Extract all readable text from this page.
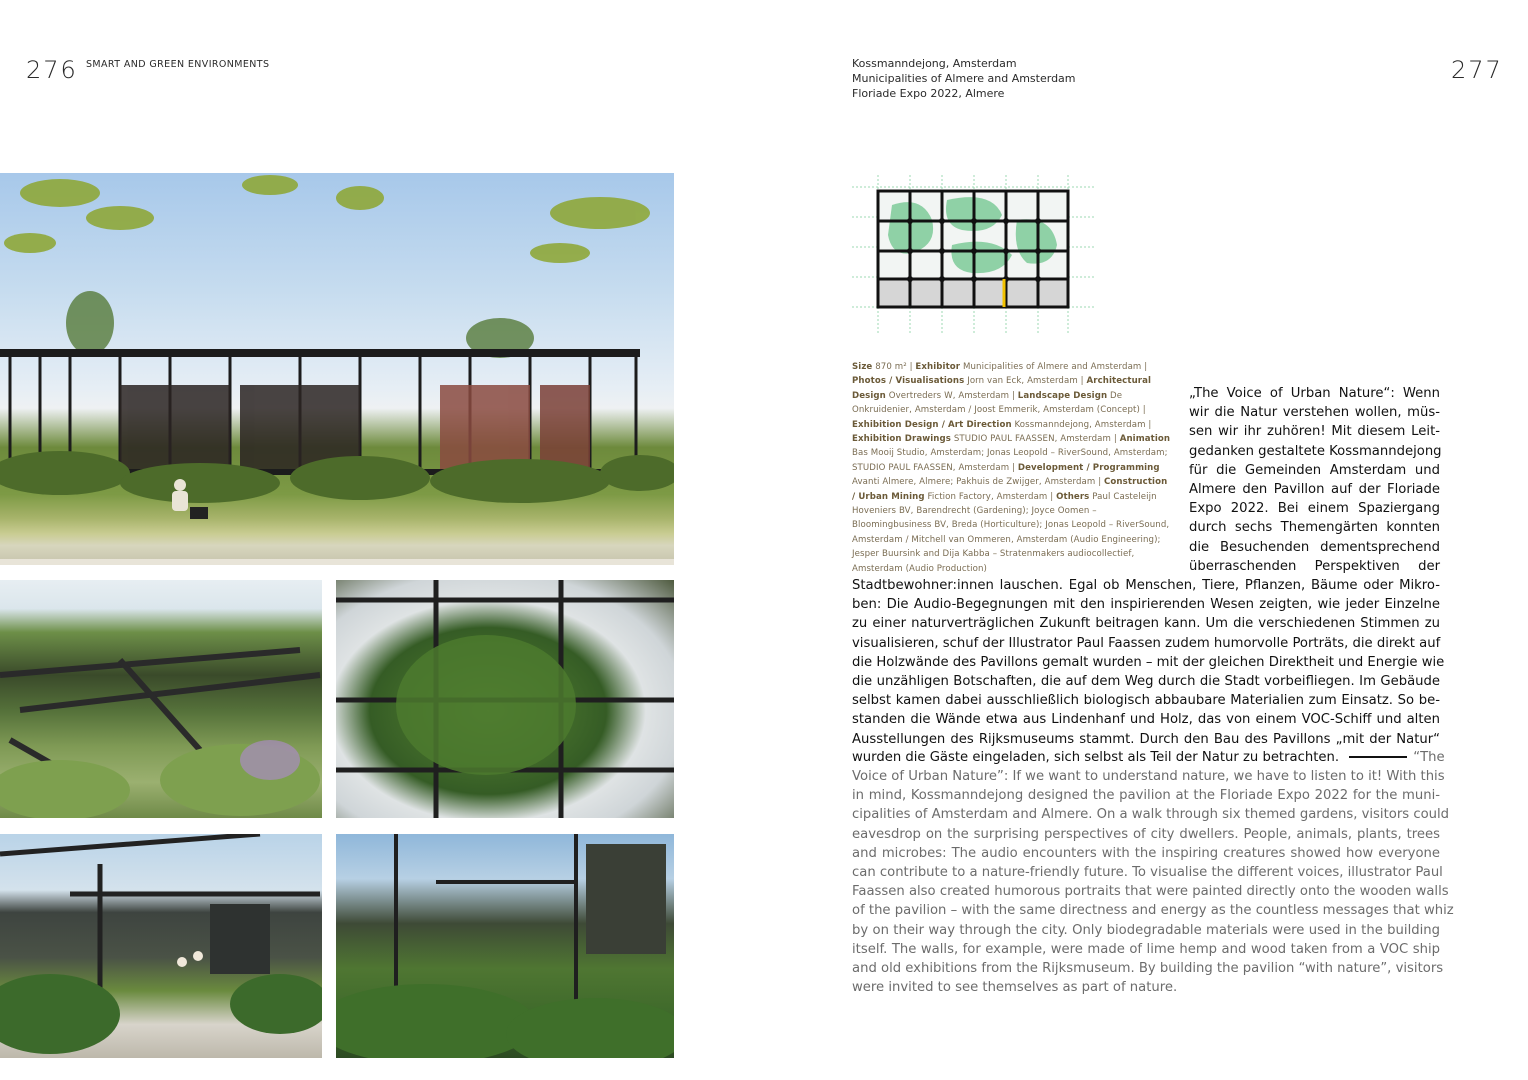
276 SMART AND GREEN ENVIRONMENTS	Kossmanndejong, Amsterdam
Municipalities of Almere and Amsterdam
Floriade Expo 2022, Almere
277
Size 870 m² | Exhibitor Municipalities of Almere and Amsterdam | Photos / Visualisations Jorn van Eck, Amsterdam | Architectural Design Overtreders W, Amsterdam | Landscape Design De Onkruidenier, Amsterdam / Joost Emmerik, Amsterdam (Concept) | Exhibition Design / Art Direction Kossmanndejong, Amsterdam | Exhibition Drawings STUDIO PAUL FAASSEN, Amsterdam | Animation Bas Mooij Studio, Amsterdam; Jonas Leopold – RiverSound, Amsterdam; STUDIO PAUL FAASSEN, Amsterdam | Development / Programming Avanti Almere, Almere; Pakhuis de Zwijger, Amsterdam | Construction / Urban Mining Fiction Factory, Amsterdam | Others Paul Casteleijn Hoveniers BV, Barendrecht (Gardening); Joyce Oomen – Bloomingbusiness BV, Breda (Horticulture); Jonas Leopold – RiverSound, Amsterdam / Mitchell van Ommeren, Amsterdam (Audio Engineering); Jesper Buursink and Dija Kabba – Stratenmakers audiocollectief, Amsterdam (Audio Production)
„The Voice of Urban Nature“: Wenn
wir die Natur verstehen wollen, müs-
sen wir ihr zuhören! Mit diesem Leit-
gedanken gestaltete Kossmanndejong
für die Gemeinden Amsterdam und
Almere den Pavillon auf der Floriade
Expo 2022. Bei einem Spaziergang
durch sechs Themengärten konnten
die Besuchenden dementsprechend
überraschenden Perspektiven der
Stadtbewohner:innen lauschen. Egal ob Menschen, Tiere, Pflanzen, Bäume oder Mikro-
ben: Die Audio-Begegnungen mit den inspirierenden Wesen zeigten, wie jeder Einzelne
zu einer naturverträglichen Zukunft beitragen kann. Um die verschiedenen Stimmen zu
visualisieren, schuf der Illustrator Paul Faassen zudem humorvolle Porträts, die direkt auf
die Holzwände des Pavillons gemalt wurden – mit der gleichen Direktheit und Energie wie
die unzähligen Botschaften, die auf dem Weg durch die Stadt vorbeifliegen. Im Gebäude
selbst kamen dabei ausschließlich biologisch abbaubare Materialien zum Einsatz. So be-
standen die Wände etwa aus Lindenhanf und Holz, das von einem VOC-Schiff und alten
Ausstellungen des Rijksmuseums stammt. Durch den Bau des Pavillons „mit der Natur“
wurden die Gäste eingeladen, sich selbst als Teil der Natur zu betrachten.	“The
Voice of Urban Nature”: If we want to understand nature, we have to listen to it! With this
in mind, Kossmanndejong designed the pavilion at the Floriade Expo 2022 for the muni-
cipalities of Amsterdam and Almere. On a walk through six themed gardens, visitors could
eavesdrop on the surprising perspectives of city dwellers. People, animals, plants, trees
and microbes: The audio encounters with the inspiring creatures showed how everyone
can contribute to a nature-friendly future. To visualise the different voices, illustrator Paul
Faassen also created humorous portraits that were painted directly onto the wooden walls
of the pavilion – with the same directness and energy as the countless messages that whiz
by on their way through the city. Only biodegradable materials were used in the building
itself. The walls, for example, were made of lime hemp and wood taken from a VOC ship
and old exhibitions from the Rijksmuseum. By building the pavilion “with nature”, visitors
were invited to see themselves as part of nature.
